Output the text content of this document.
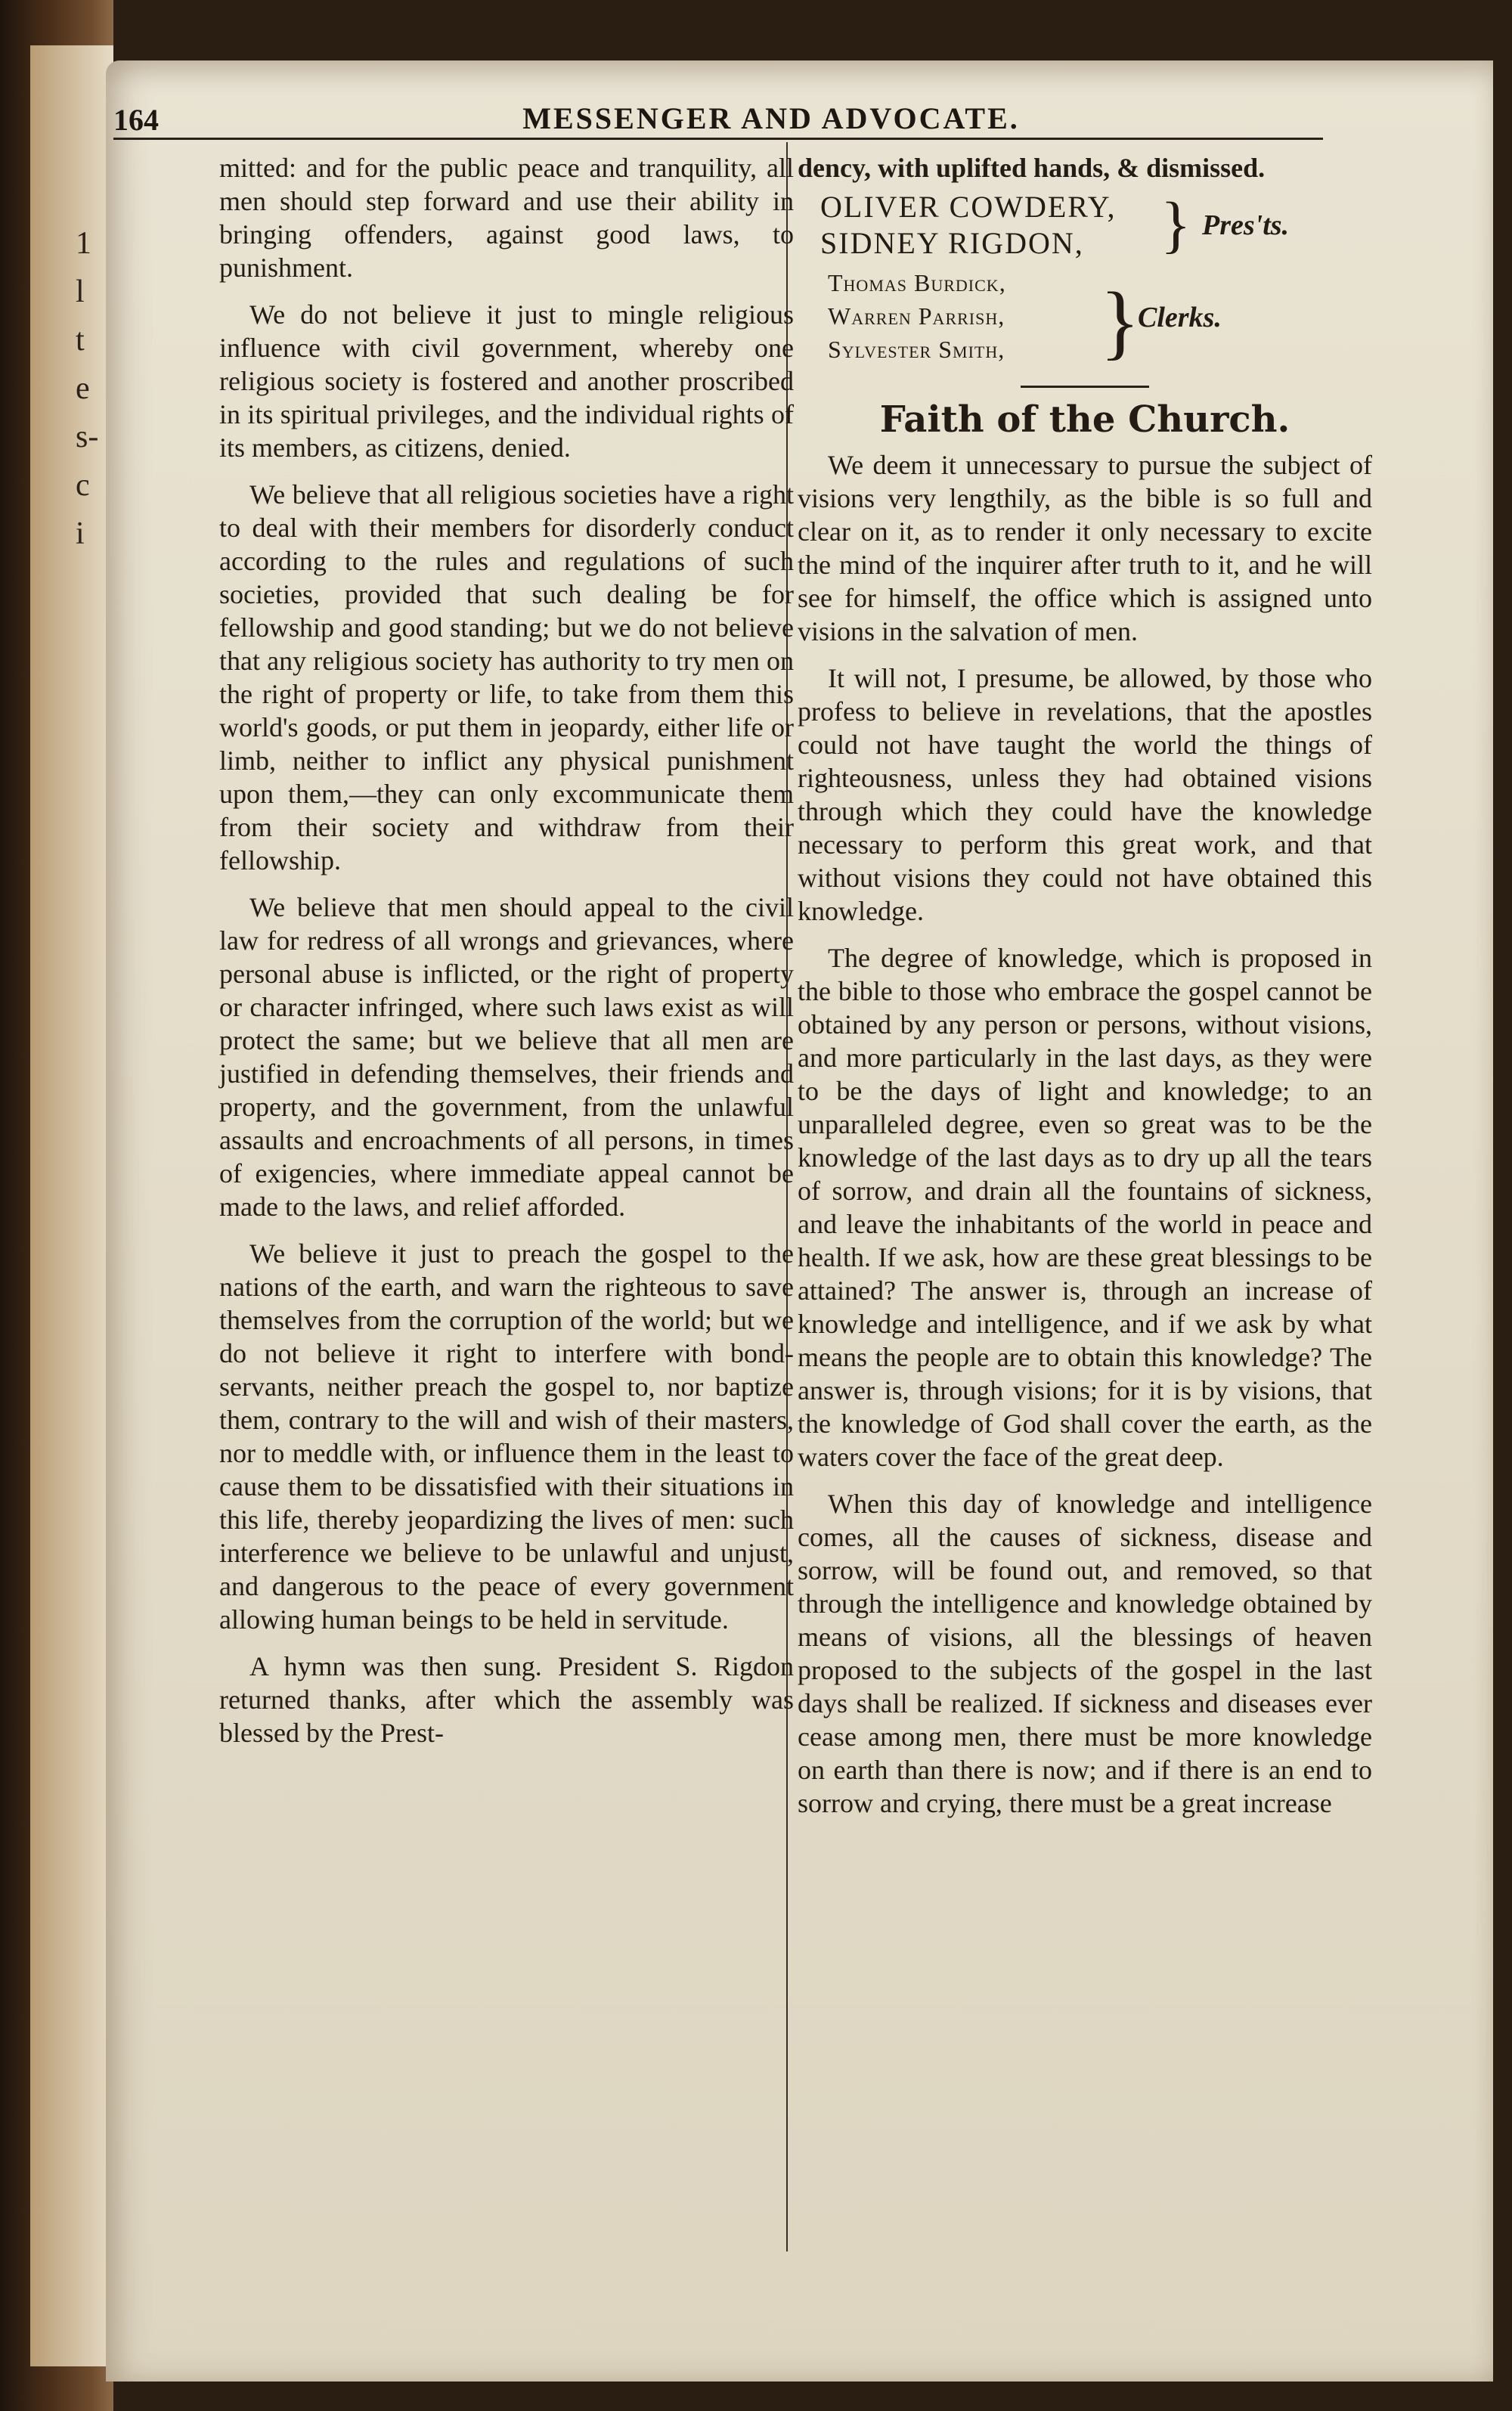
1
l
t
e
s-
c
i
164	MESSENGER AND ADVOCATE.

mitted: and for the public peace and tranquility, all men should step forward and use their ability in bringing offenders, against good laws, to punishment.

We do not believe it just to mingle religious influence with civil government, whereby one religious society is fostered and another proscribed in its spiritual privileges, and the individual rights of its members, as citizens, denied.

We believe that all religious societies have a right to deal with their members for disorderly conduct according to the rules and regulations of such societies, provided that such dealing be for fellowship and good standing; but we do not believe that any religious society has authority to try men on the right of property or life, to take from them this world's goods, or put them in jeopardy, either life or limb, neither to inflict any physical punishment upon them,—they can only excommunicate them from their society and withdraw from their fellowship.

We believe that men should appeal to the civil law for redress of all wrongs and grievances, where personal abuse is inflicted, or the right of property or character infringed, where such laws exist as will protect the same; but we believe that all men are justified in defending themselves, their friends and property, and the government, from the unlawful assaults and encroachments of all persons, in times of exigencies, where immediate appeal cannot be made to the laws, and relief afforded.

We believe it just to preach the gospel to the nations of the earth, and warn the righteous to save themselves from the corruption of the world; but we do not believe it right to interfere with bond-servants, neither preach the gospel to, nor baptize them, contrary to the will and wish of their masters, nor to meddle with, or influence them in the least to cause them to be dissatisfied with their situations in this life, thereby jeopardizing the lives of men: such interference we believe to be unlawful and unjust, and dangerous to the peace of every government allowing human beings to be held in servitude.

A hymn was then sung. President S. Rigdon returned thanks, after which the assembly was blessed by the Prest-

dency, with uplifted hands, & dismissed.

OLIVER COWDERY,
SIDNEY RIGDON, } Pres'ts.
Thomas Burdick,
Warren Parrish,
Sylvester Smith, }
Clerks.
Faith of the Church.

We deem it unnecessary to pursue the subject of visions very lengthily, as the bible is so full and clear on it, as to render it only necessary to excite the mind of the inquirer after truth to it, and he will see for himself, the office which is assigned unto visions in the salvation of men.

It will not, I presume, be allowed, by those who profess to believe in revelations, that the apostles could not have taught the world the things of righteousness, unless they had obtained visions through which they could have the knowledge necessary to perform this great work, and that without visions they could not have obtained this knowledge.

The degree of knowledge, which is proposed in the bible to those who embrace the gospel cannot be obtained by any person or persons, without visions, and more particularly in the last days, as they were to be the days of light and knowledge; to an unparalleled degree, even so great was to be the knowledge of the last days as to dry up all the tears of sorrow, and drain all the fountains of sickness, and leave the inhabitants of the world in peace and health. If we ask, how are these great blessings to be attained? The answer is, through an increase of knowledge and intelligence, and if we ask by what means the people are to obtain this knowledge? The answer is, through visions; for it is by visions, that the knowledge of God shall cover the earth, as the waters cover the face of the great deep.

When this day of knowledge and intelligence comes, all the causes of sickness, disease and sorrow, will be found out, and removed, so that through the intelligence and knowledge obtained by means of visions, all the blessings of heaven proposed to the subjects of the gospel in the last days shall be realized. If sickness and diseases ever cease among men, there must be more knowledge on earth than there is now; and if there is an end to sorrow and crying, there must be a great increase
